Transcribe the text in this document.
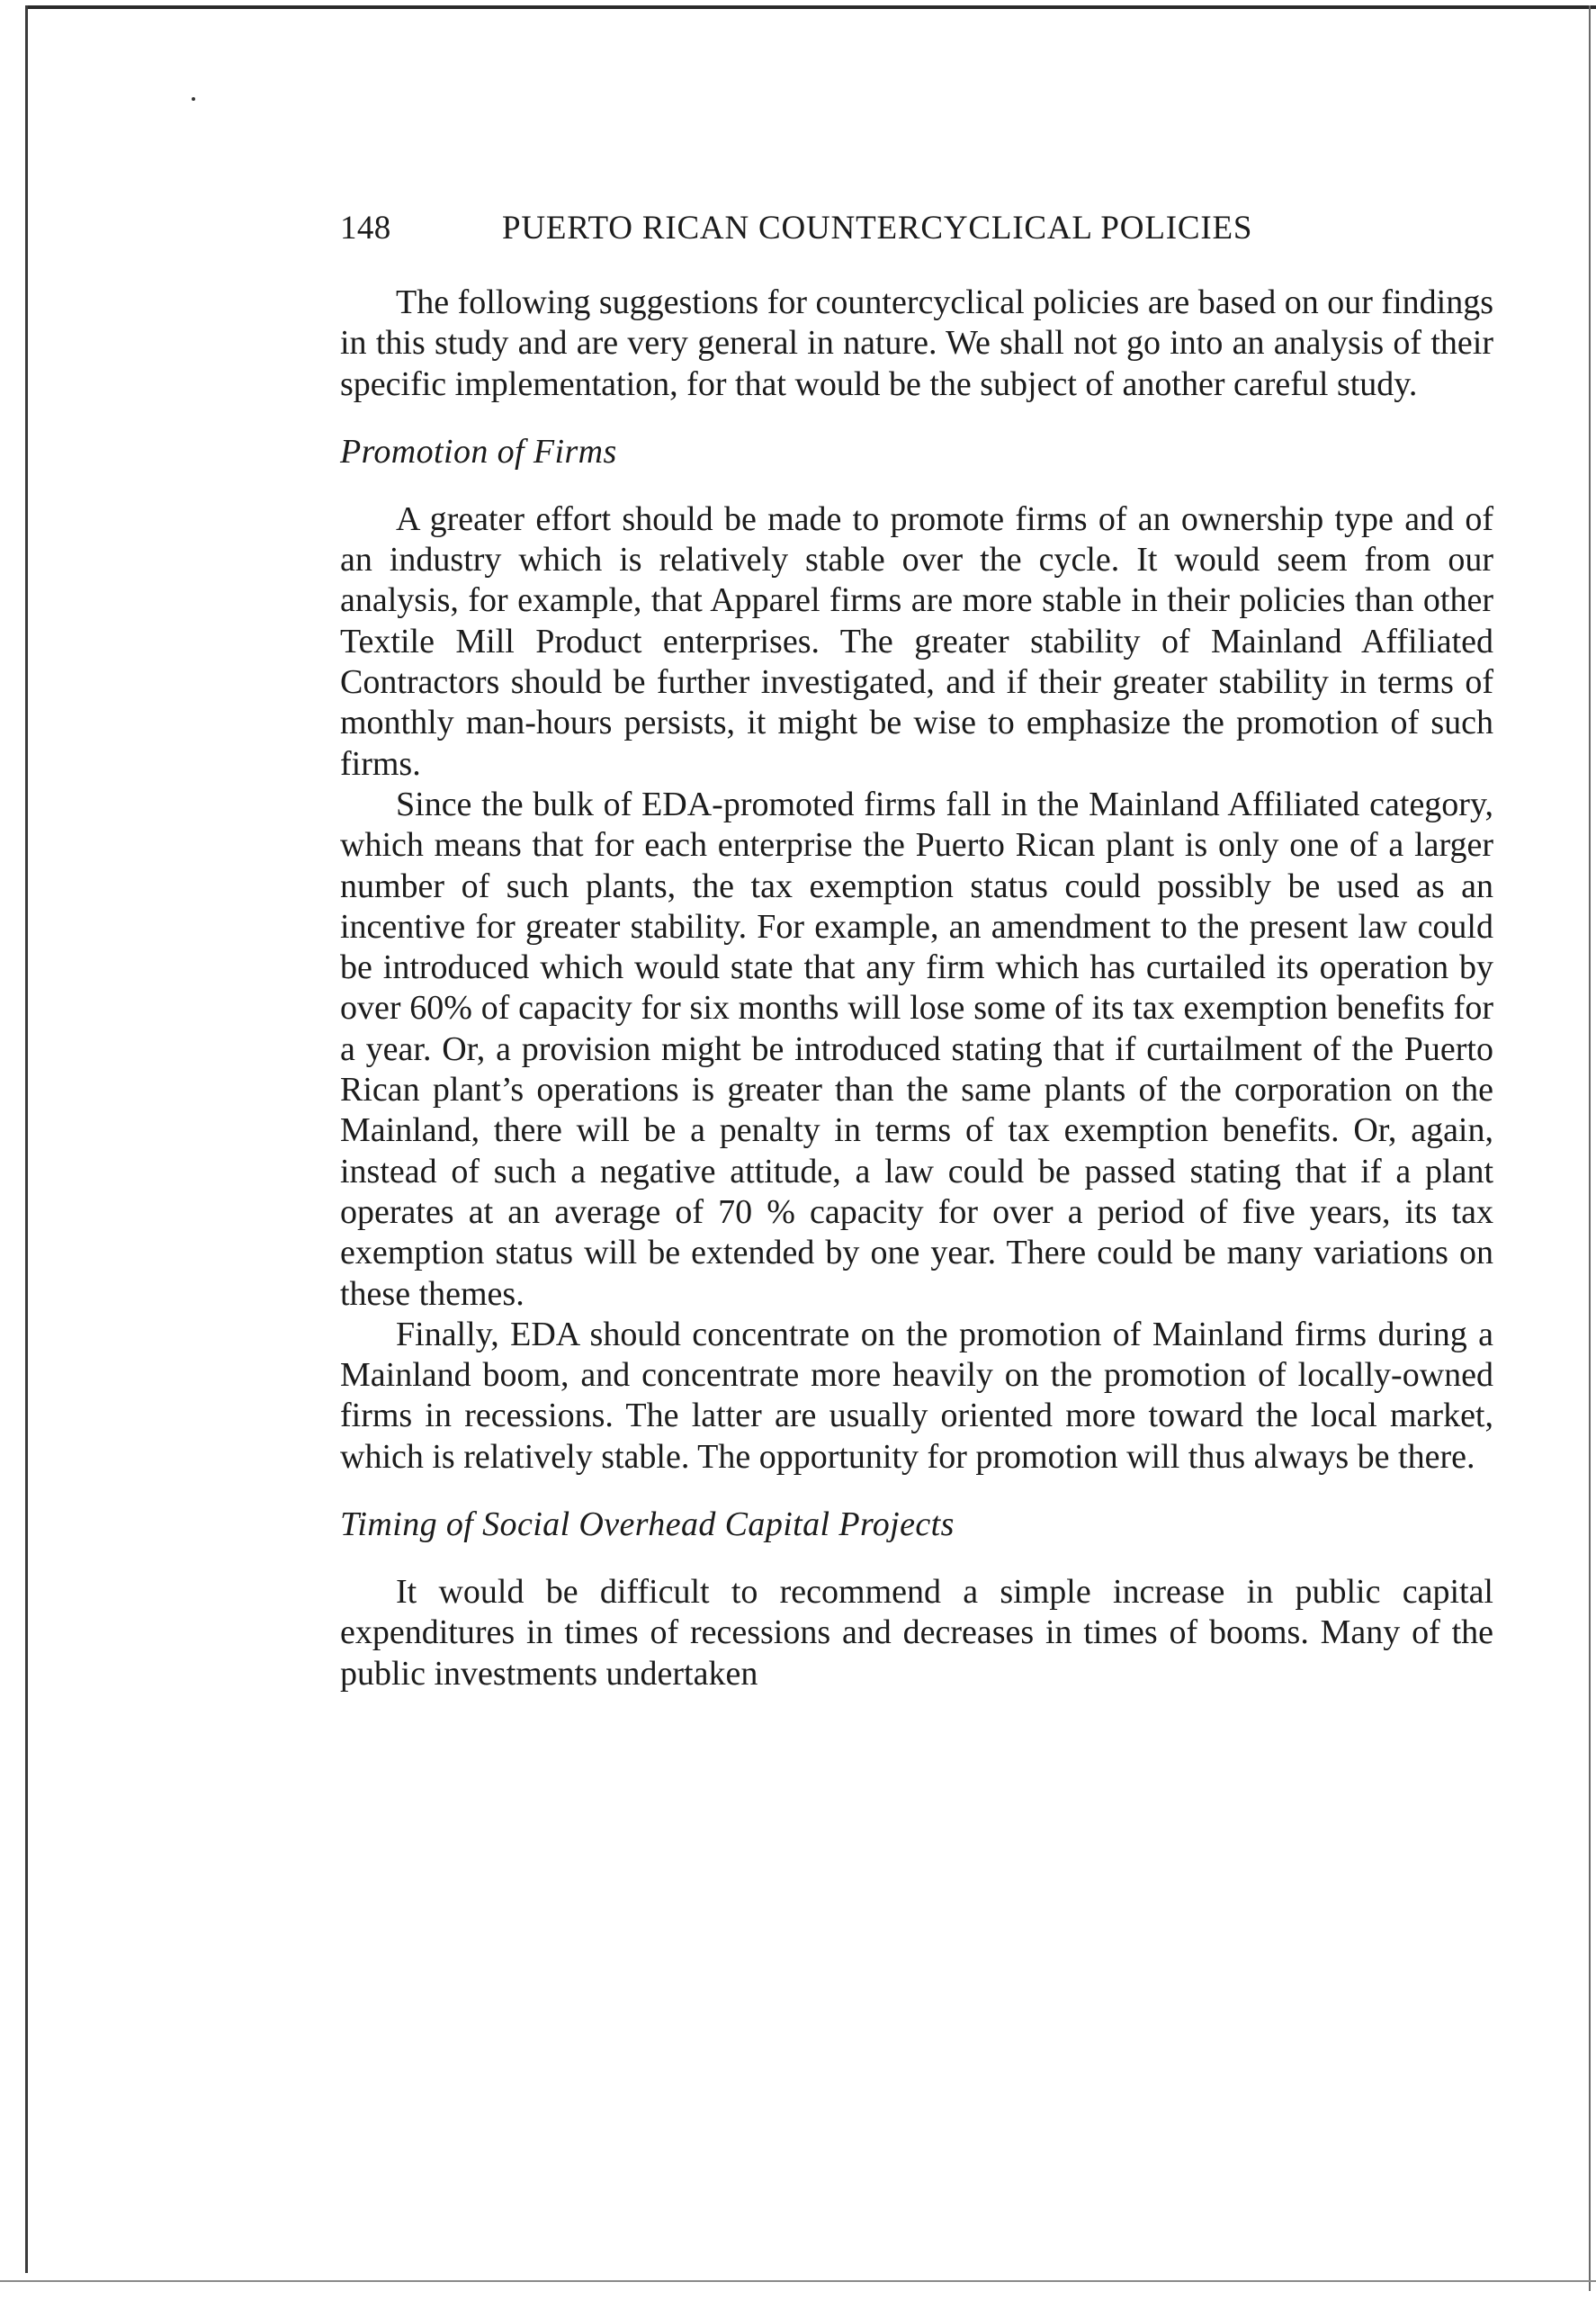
148	PUERTO RICAN COUNTERCYCLICAL POLICIES

The following suggestions for countercyclical policies are based on our findings in this study and are very general in nature. We shall not go into an analysis of their specific implementation, for that would be the subject of another careful study.

Promotion of Firms

A greater effort should be made to promote firms of an ownership type and of an industry which is relatively stable over the cycle. It would seem from our analysis, for example, that Apparel firms are more stable in their policies than other Textile Mill Product enterprises. The greater stability of Mainland Affiliated Contractors should be further investigated, and if their greater stability in terms of monthly man-hours persists, it might be wise to emphasize the promotion of such firms.

Since the bulk of EDA-promoted firms fall in the Mainland Affiliated category, which means that for each enterprise the Puerto Rican plant is only one of a larger number of such plants, the tax exemption status could possibly be used as an incentive for greater stability. For example, an amendment to the present law could be introduced which would state that any firm which has curtailed its operation by over 60% of capacity for six months will lose some of its tax exemption benefits for a year. Or, a provision might be introduced stating that if curtailment of the Puerto Rican plant’s operations is greater than the same plants of the corporation on the Mainland, there will be a penalty in terms of tax exemption benefits. Or, again, instead of such a negative attitude, a law could be passed stating that if a plant operates at an average of 70 % capacity for over a period of five years, its tax exemption status will be extended by one year. There could be many variations on these themes.

Finally, EDA should concentrate on the promotion of Mainland firms during a Mainland boom, and concentrate more heavily on the promotion of locally-owned firms in recessions. The latter are usually oriented more toward the local market, which is relatively stable. The opportunity for promotion will thus always be there.

Timing of Social Overhead Capital Projects

It would be difficult to recommend a simple increase in public capital expenditures in times of recessions and decreases in times of booms. Many of the public investments undertaken
